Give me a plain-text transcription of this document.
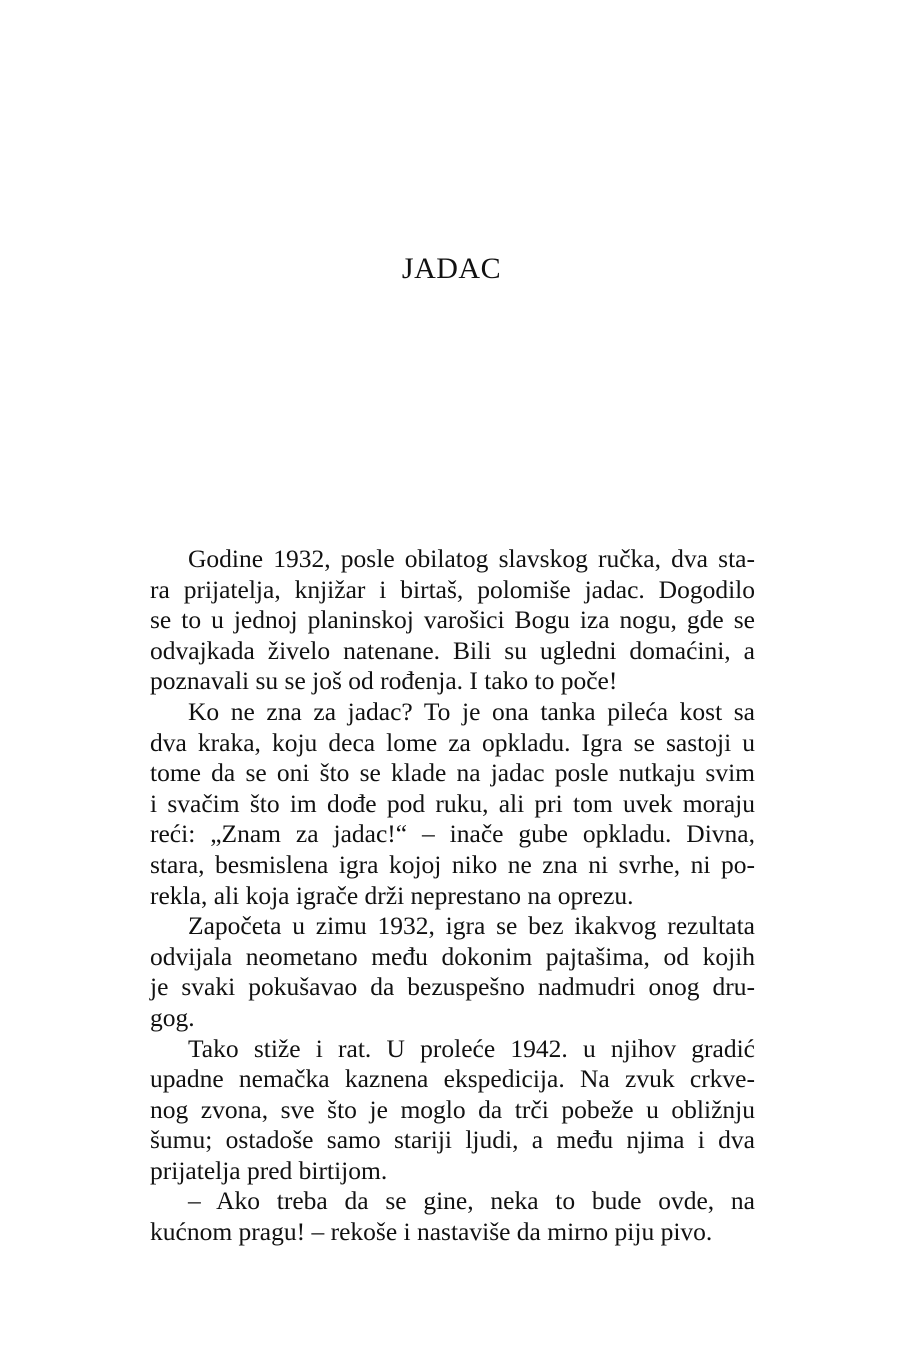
JADAC
Godine 1932, posle obilatog slavskog ručka, dva sta-
ra prijatelja, knjižar i birtaš, polomiše jadac. Dogodilo
se to u jednoj planinskoj varošici Bogu iza nogu, gde se
odvajkada živelo natenane. Bili su ugledni domaćini, a
poznavali su se još od rođenja. I tako to poče!
Ko ne zna za jadac? To je ona tanka pileća kost sa
dva kraka, koju deca lome za opkladu. Igra se sastoji u
tome da se oni što se klade na jadac posle nutkaju svim
i svačim što im dođe pod ruku, ali pri tom uvek moraju
reći: „Znam za jadac!“ – inače gube opkladu. Divna,
stara, besmislena igra kojoj niko ne zna ni svrhe, ni po-
rekla, ali koja igrače drži neprestano na oprezu.
Započeta u zimu 1932, igra se bez ikakvog rezultata
odvijala neometano među dokonim pajtašima, od kojih
je svaki pokušavao da bezuspešno nadmudri onog dru-
gog.
Tako stiže i rat. U proleće 1942. u njihov gradić
upadne nemačka kaznena ekspedicija. Na zvuk crkve-
nog zvona, sve što je moglo da trči pobeže u obližnju
šumu; ostadoše samo stariji ljudi, a među njima i dva
prijatelja pred birtijom.
– Ako treba da se gine, neka to bude ovde, na
kućnom pragu! – rekoše i nastaviše da mirno piju pivo.
